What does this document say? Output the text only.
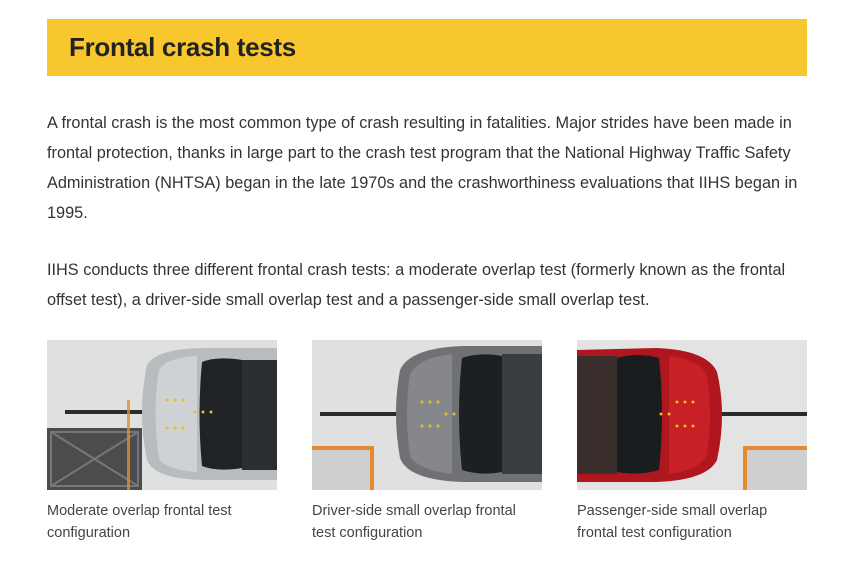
Frontal crash tests

A frontal crash is the most common type of crash resulting in fatalities. Major strides have been made in frontal protection, thanks in large part to the crash test program that the National Highway Traffic Safety Administration (NHTSA) began in the late 1970s and the crashworthiness evaluations that IIHS began in 1995.

IIHS conducts three different frontal crash tests: a moderate overlap test (formerly known as the frontal offset test), a driver-side small overlap test and a passenger-side small overlap test.

Moderate overlap frontal test configuration

Driver-side small overlap frontal test configuration

Passenger-side small overlap frontal test configuration
